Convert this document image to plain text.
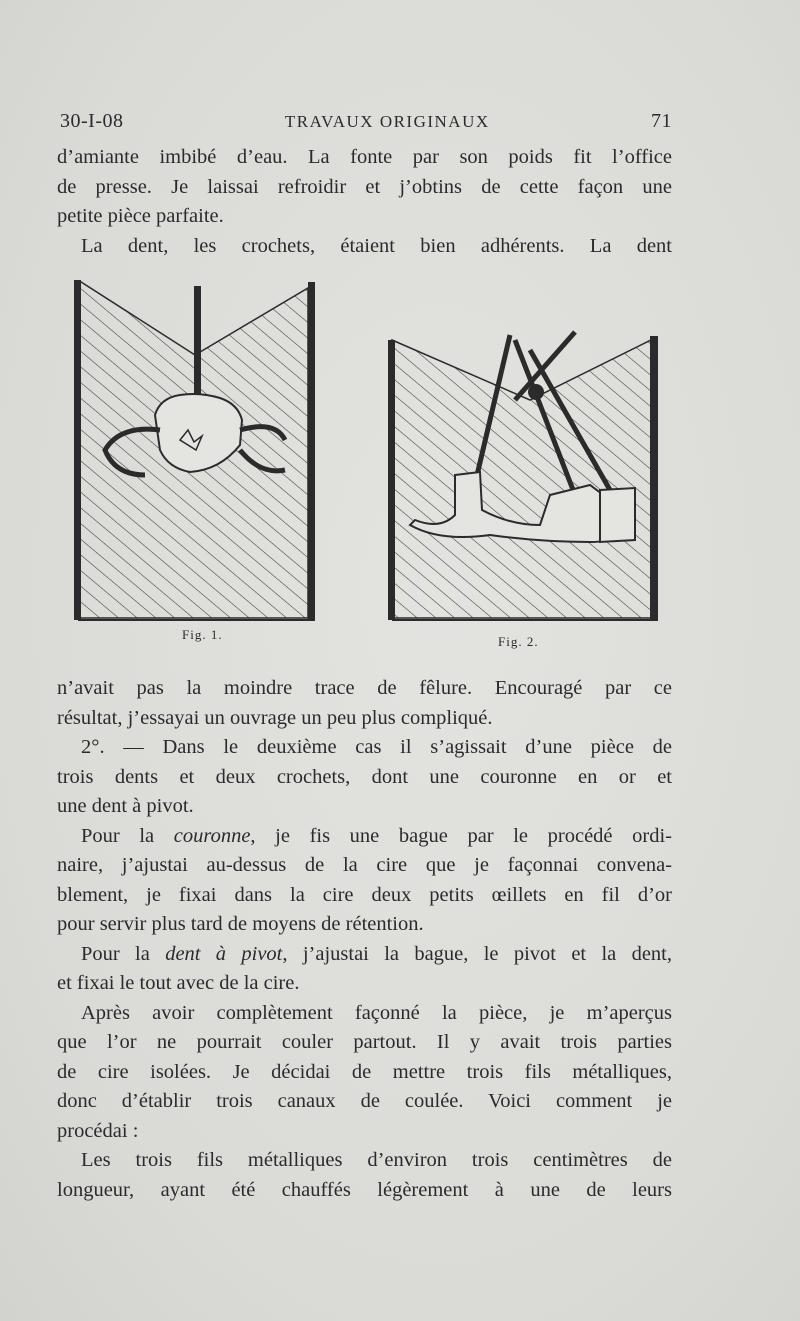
30-I-08	TRAVAUX ORIGINAUX	71

d’amiante imbibé d’eau. La fonte par son poids fit l’office

de presse. Je laissai refroidir et j’obtins de cette façon une

petite pièce parfaite.

La dent, les crochets, étaient bien adhérents. La dent

Fig. 1.	Fig. 2.

n’avait pas la moindre trace de fêlure. Encouragé par ce

résultat, j’essayai un ouvrage un peu plus compliqué.

2°. — Dans le deuxième cas il s’agissait d’une pièce de

trois dents et deux crochets, dont une couronne en or et

une dent à pivot.

Pour la couronne, je fis une bague par le procédé ordi-

naire, j’ajustai au-dessus de la cire que je façonnai convena-

blement, je fixai dans la cire deux petits œillets en fil d’or

pour servir plus tard de moyens de rétention.

Pour la dent à pivot, j’ajustai la bague, le pivot et la dent,

et fixai le tout avec de la cire.

Après avoir complètement façonné la pièce, je m’aperçus

que l’or ne pourrait couler partout. Il y avait trois parties

de cire isolées. Je décidai de mettre trois fils métalliques,

donc d’établir trois canaux de coulée. Voici comment je

procédai :

Les trois fils métalliques d’environ trois centimètres de

longueur, ayant été chauffés légèrement à une de leurs
